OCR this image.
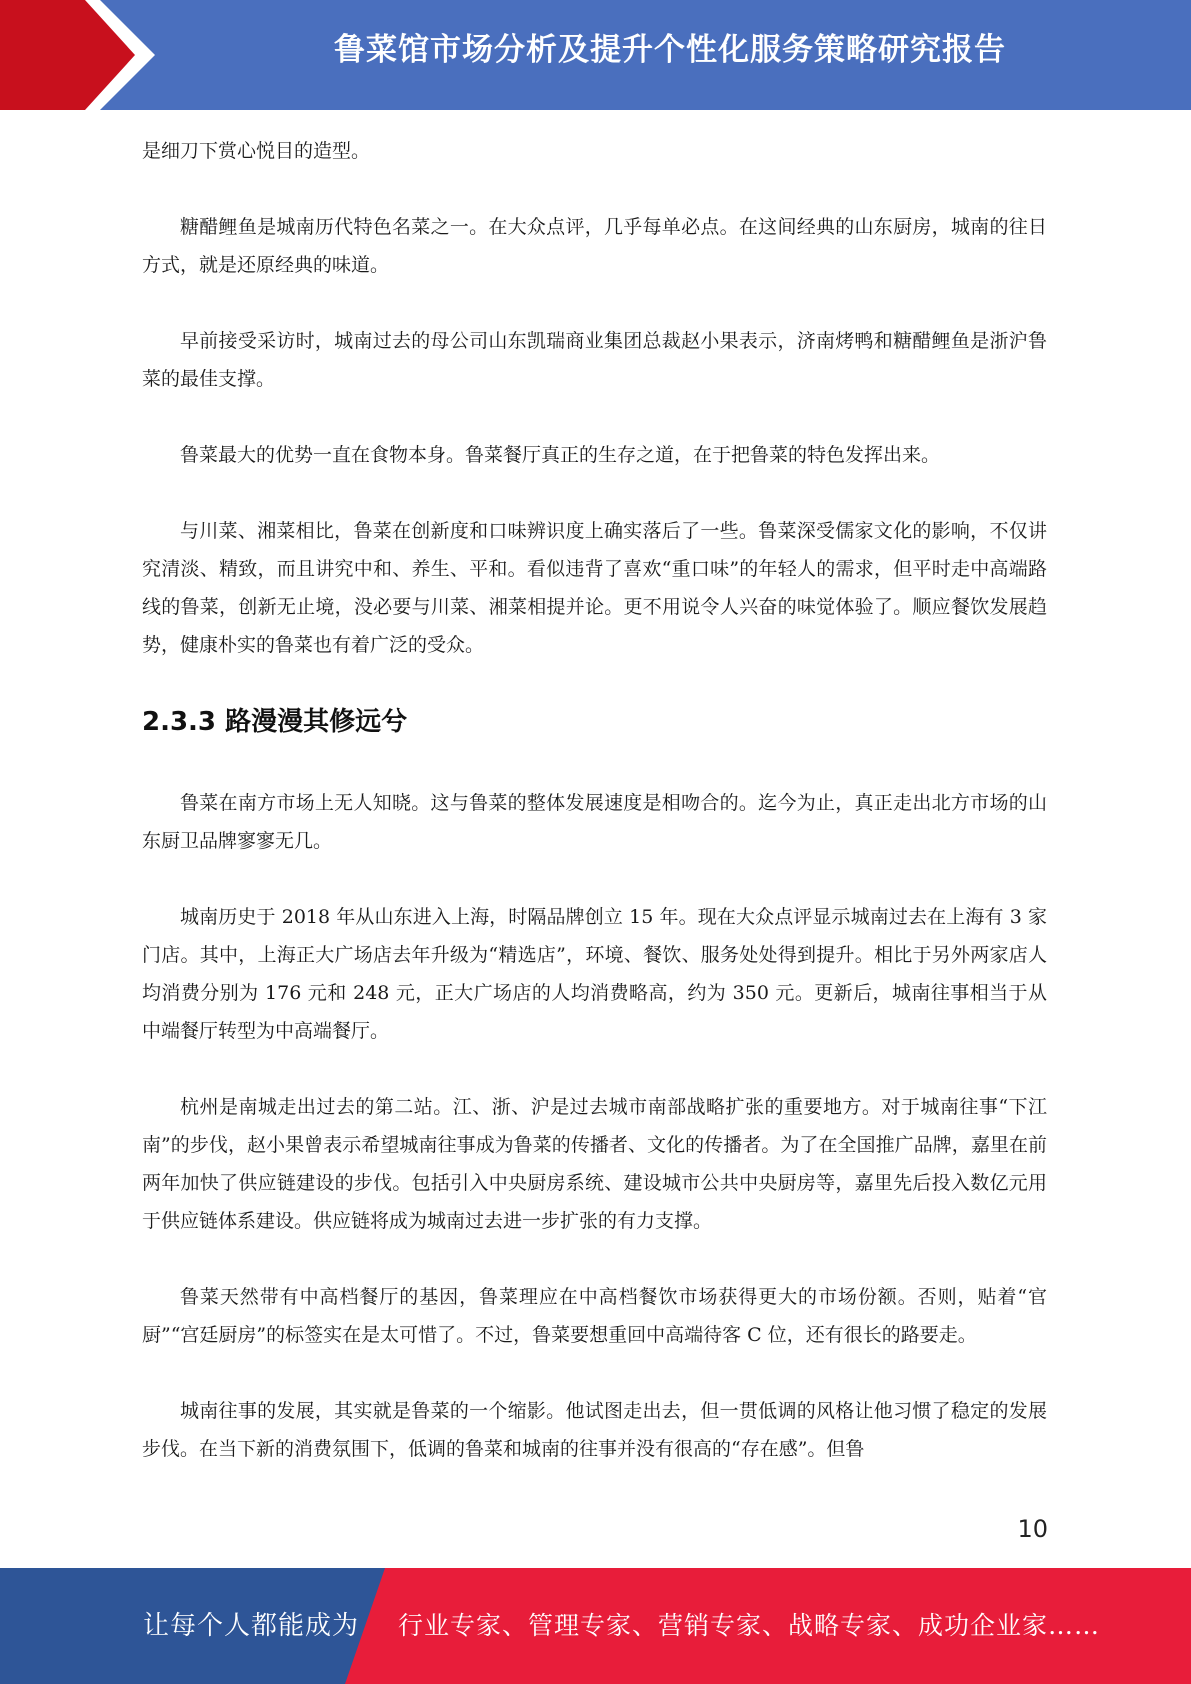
鲁菜馆市场分析及提升个性化服务策略研究报告

是细刀下赏心悦目的造型。

糖醋鲤鱼是城南历代特色名菜之一。在大众点评，几乎每单必点。在这间经典的山东厨房，城南的往日方式，就是还原经典的味道。

早前接受采访时，城南过去的母公司山东凯瑞商业集团总裁赵小果表示，济南烤鸭和糖醋鲤鱼是浙沪鲁菜的最佳支撑。

鲁菜最大的优势一直在食物本身。鲁菜餐厅真正的生存之道，在于把鲁菜的特色发挥出来。

与川菜、湘菜相比，鲁菜在创新度和口味辨识度上确实落后了一些。鲁菜深受儒家文化的影响，不仅讲究清淡、精致，而且讲究中和、养生、平和。看似违背了喜欢“重口味”的年轻人的需求，但平时走中高端路线的鲁菜，创新无止境，没必要与川菜、湘菜相提并论。更不用说令人兴奋的味觉体验了。顺应餐饮发展趋势，健康朴实的鲁菜也有着广泛的受众。

2.3.3 路漫漫其修远兮

鲁菜在南方市场上无人知晓。这与鲁菜的整体发展速度是相吻合的。迄今为止，真正走出北方市场的山东厨卫品牌寥寥无几。

城南历史于 2018 年从山东进入上海，时隔品牌创立 15 年。现在大众点评显示城南过去在上海有 3 家门店。其中，上海正大广场店去年升级为“精选店”，环境、餐饮、服务处处得到提升。相比于另外两家店人均消费分别为 176 元和 248 元，正大广场店的人均消费略高，约为 350 元。更新后，城南往事相当于从中端餐厅转型为中高端餐厅。

杭州是南城走出过去的第二站。江、浙、沪是过去城市南部战略扩张的重要地方。对于城南往事“下江南”的步伐，赵小果曾表示希望城南往事成为鲁菜的传播者、文化的传播者。为了在全国推广品牌，嘉里在前两年加快了供应链建设的步伐。包括引入中央厨房系统、建设城市公共中央厨房等，嘉里先后投入数亿元用于供应链体系建设。供应链将成为城南过去进一步扩张的有力支撑。

鲁菜天然带有中高档餐厅的基因，鲁菜理应在中高档餐饮市场获得更大的市场份额。否则，贴着“官厨”“宫廷厨房”的标签实在是太可惜了。不过，鲁菜要想重回中高端待客 C 位，还有很长的路要走。

城南往事的发展，其实就是鲁菜的一个缩影。他试图走出去，但一贯低调的风格让他习惯了稳定的发展步伐。在当下新的消费氛围下，低调的鲁菜和城南的往事并没有很高的“存在感”。但鲁

10
让每个人都能成为 行业专家、管理专家、营销专家、战略专家、成功企业家……
